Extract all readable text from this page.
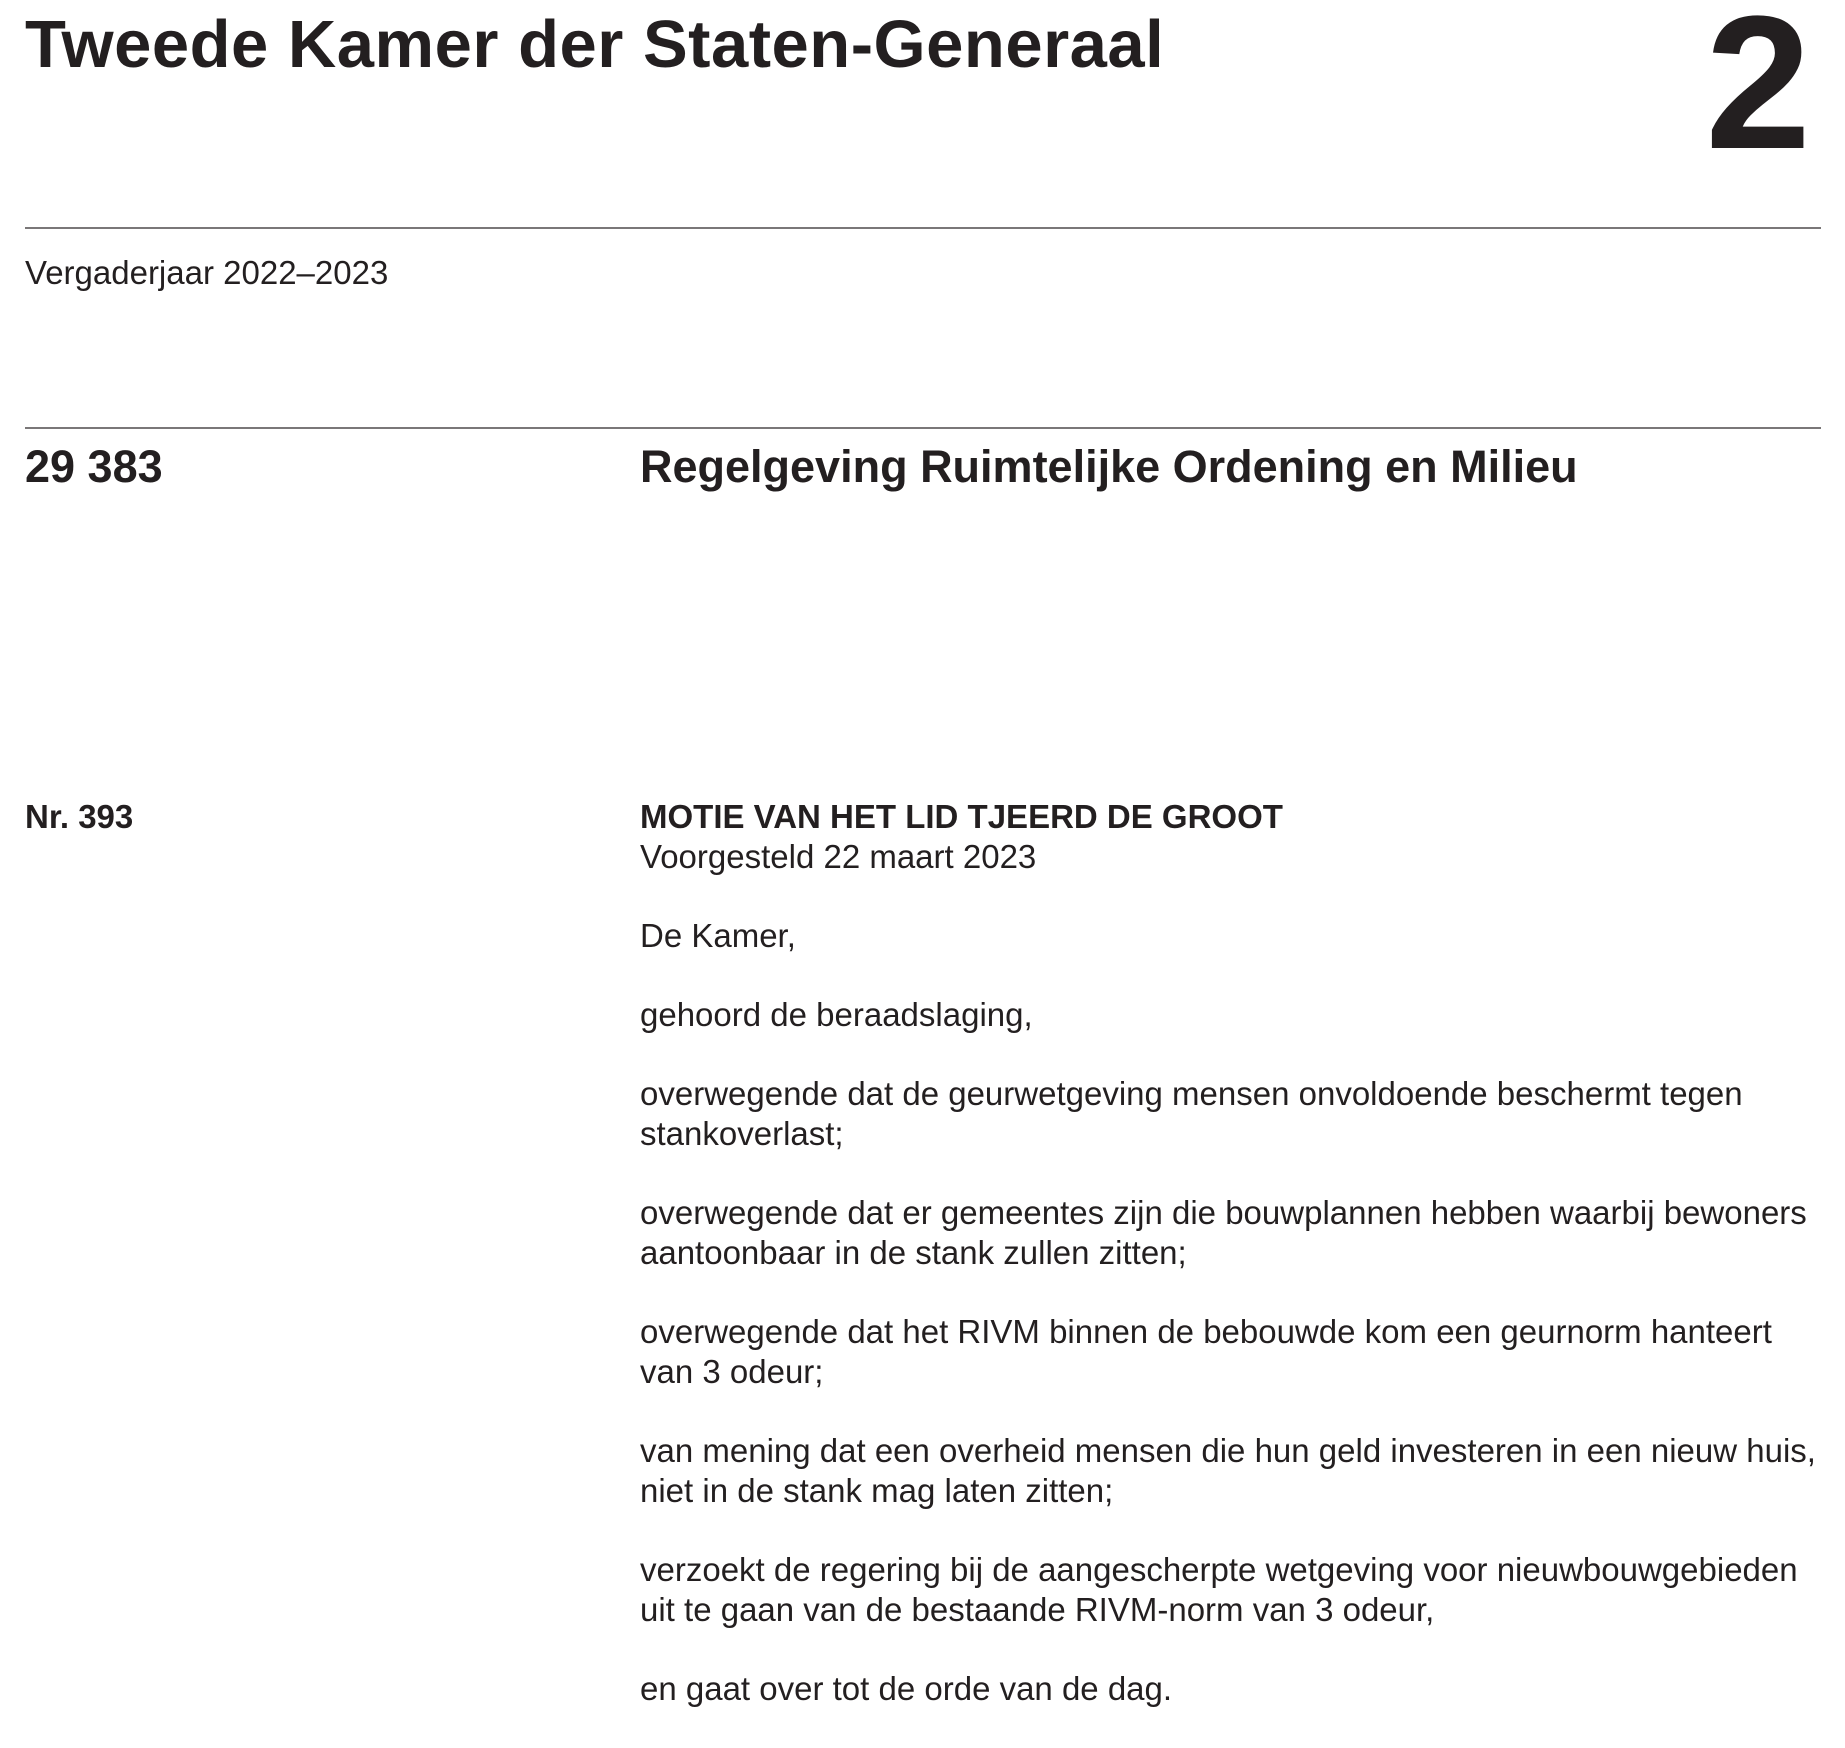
Tweede Kamer der Staten-Generaal	2
Vergaderjaar 2022–2023
29 383	Regelgeving Ruimtelijke Ordening en Milieu
Nr. 393	MOTIE VAN HET LID TJEERD DE GROOT
Voorgesteld 22 maart 2023

De Kamer,

gehoord de beraadslaging,

overwegende dat de geurwetgeving mensen onvoldoende beschermt tegen stankoverlast;

overwegende dat er gemeentes zijn die bouwplannen hebben waarbij bewoners aantoonbaar in de stank zullen zitten;

overwegende dat het RIVM binnen de bebouwde kom een geurnorm hanteert van 3 odeur;

van mening dat een overheid mensen die hun geld investeren in een nieuw huis, niet in de stank mag laten zitten;

verzoekt de regering bij de aangescherpte wetgeving voor nieuwbouwgebieden uit te gaan van de bestaande RIVM-norm van 3 odeur,

en gaat over tot de orde van de dag.
